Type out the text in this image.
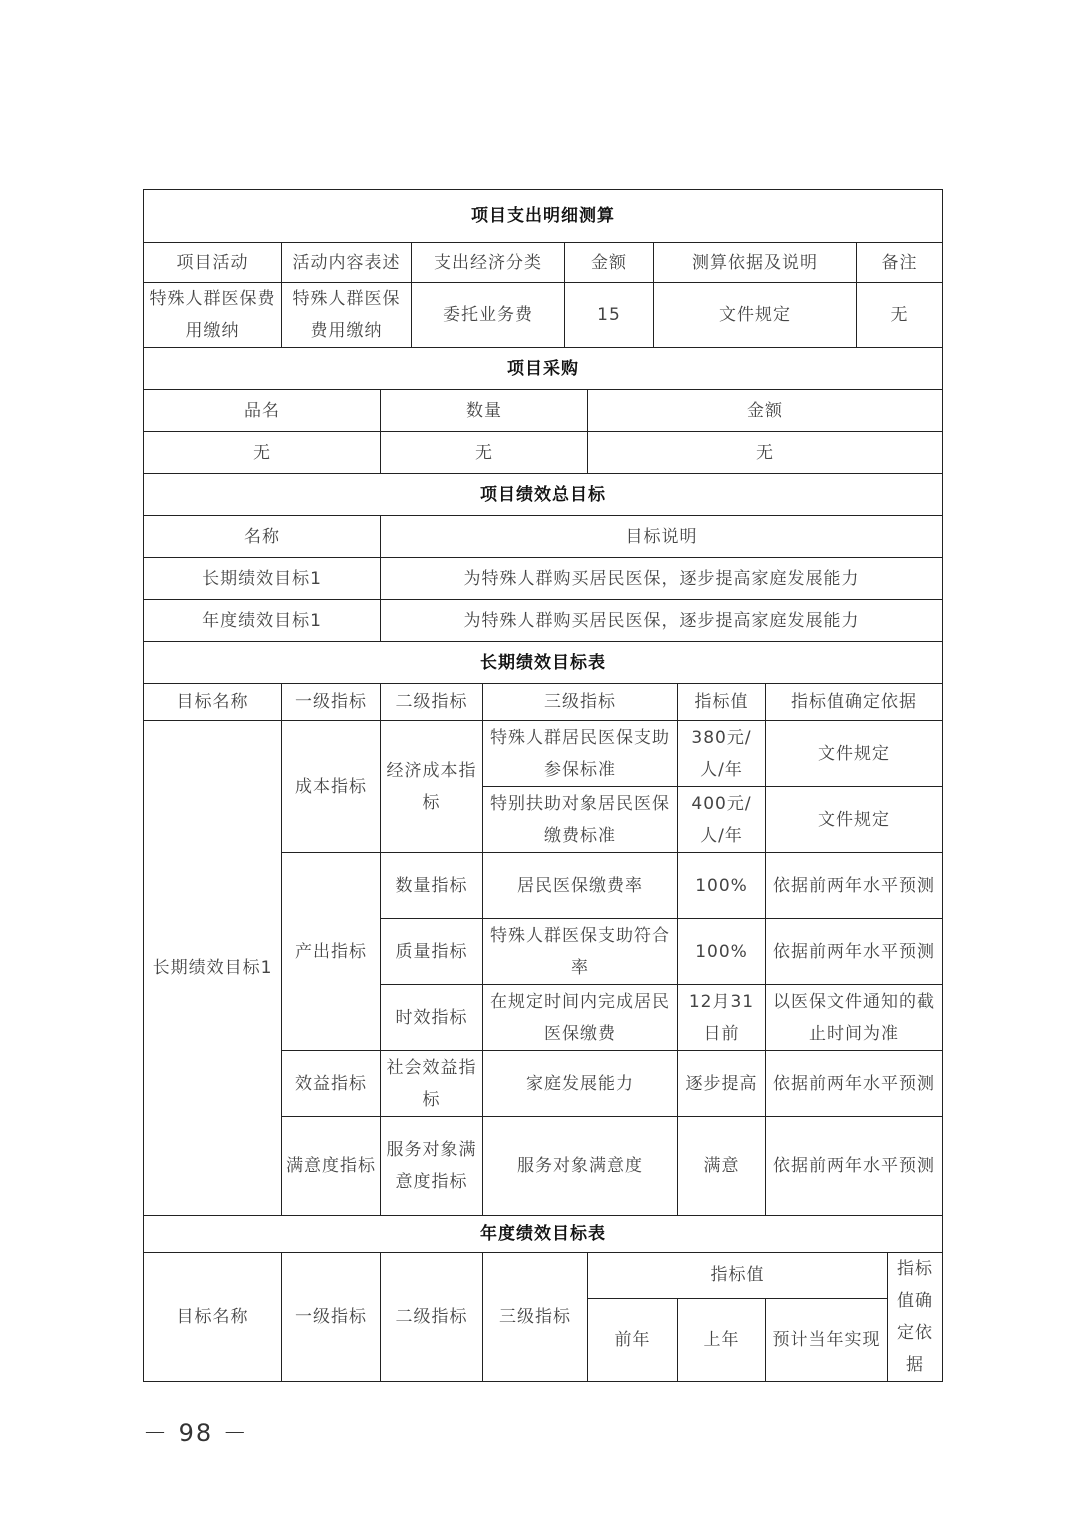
项目支出明细测算											
项目活动	活动内容表述		支出经济分类		金额		测算依据及说明			备注	
特殊人群医保费用缴纳	特殊人群医保费用缴纳		委托业务费		15		文件规定			无	
项目采购											
品名		数量				金额					
无		无				无					
项目绩效总目标											
名称		目标说明									
长期绩效目标1		为特殊人群购买居民医保，逐步提高家庭发展能力									
年度绩效目标1		为特殊人群购买居民医保，逐步提高家庭发展能力									
长期绩效目标表											
目标名称	一级指标	二级指标		三级指标				指标值	指标值确定依据		
长期绩效目标1	成本指标	经济成本指标		特殊人群居民医保支助参保标准				380元/人/年	文件规定		
				特别扶助对象居民医保缴费标准				400元/人/年	文件规定		
	产出指标	数量指标		居民医保缴费率				100%	依据前两年水平预测		
		质量指标		特殊人群医保支助符合率				100%	依据前两年水平预测		
		时效指标		在规定时间内完成居民医保缴费				12月31日前	以医保文件通知的截止时间为准		
	效益指标	社会效益指标		家庭发展能力				逐步提高	依据前两年水平预测		
	满意度指标	服务对象满意度指标		服务对象满意度				满意	依据前两年水平预测		
年度绩效目标表											
目标名称	一级指标	二级指标		三级指标		指标值					指标值确定依据
						前年		上年	预计当年实现		
－ 98 －
